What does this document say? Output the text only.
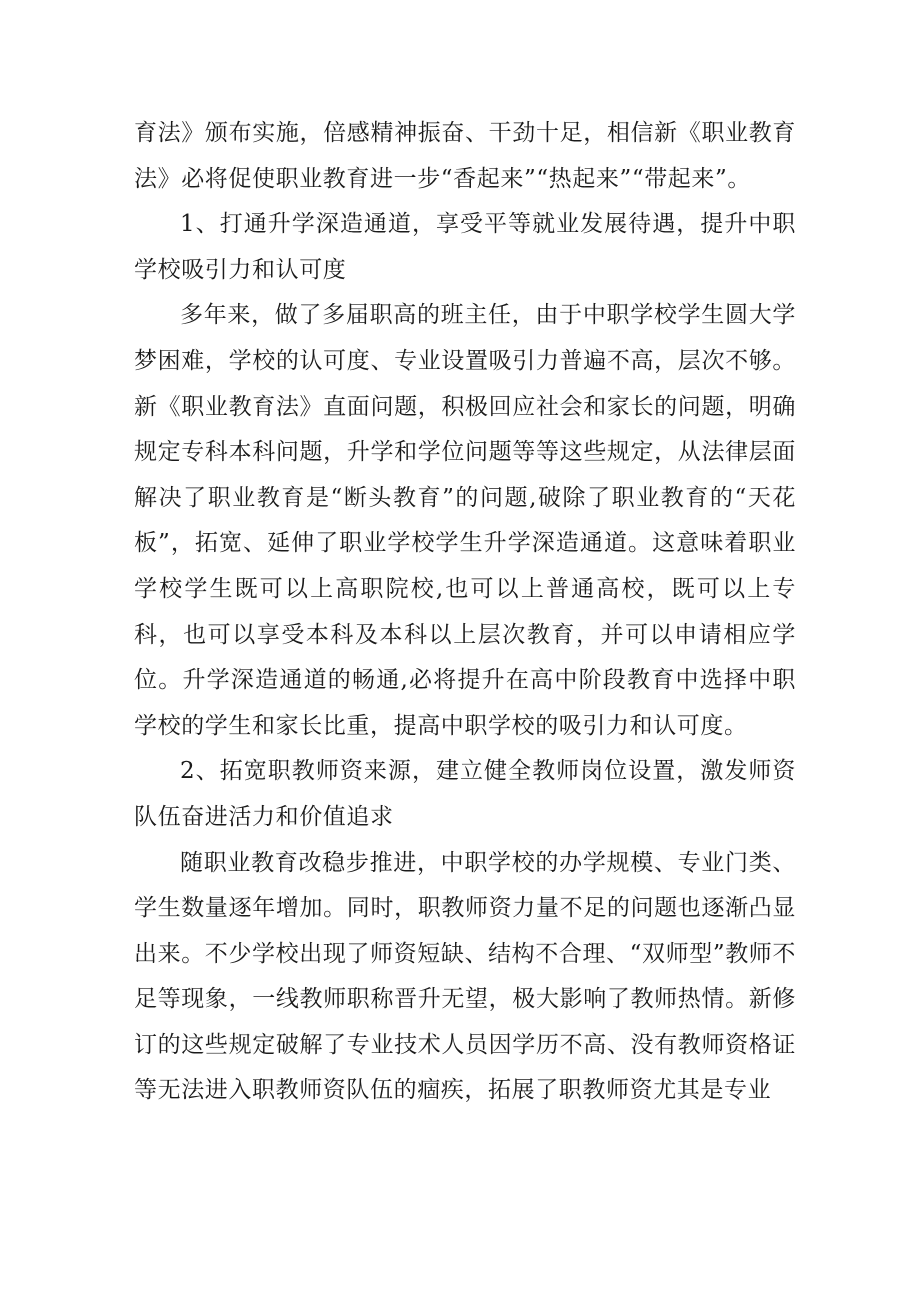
育法》颁布实施，倍感精神振奋、干劲十足，相信新《职业教育法》必将促使职业教育进一步“香起来”“热起来”“带起来”。

1、打通升学深造通道，享受平等就业发展待遇，提升中职学校吸引力和认可度

多年来，做了多届职高的班主任，由于中职学校学生圆大学梦困难，学校的认可度、专业设置吸引力普遍不高，层次不够。新《职业教育法》直面问题，积极回应社会和家长的问题，明确规定专科本科问题，升学和学位问题等等这些规定，从法律层面解决了职业教育是“断头教育”的问题,破除了职业教育的“天花板”，拓宽、延伸了职业学校学生升学深造通道。这意味着职业学校学生既可以上高职院校,也可以上普通高校，既可以上专科，也可以享受本科及本科以上层次教育，并可以申请相应学位。升学深造通道的畅通,必将提升在高中阶段教育中选择中职学校的学生和家长比重，提高中职学校的吸引力和认可度。

2、拓宽职教师资来源，建立健全教师岗位设置，激发师资队伍奋进活力和价值追求

随职业教育改稳步推进，中职学校的办学规模、专业门类、学生数量逐年增加。同时，职教师资力量不足的问题也逐渐凸显出来。不少学校出现了师资短缺、结构不合理、“双师型”教师不足等现象，一线教师职称晋升无望，极大影响了教师热情。新修订的这些规定破解了专业技术人员因学历不高、没有教师资格证等无法进入职教师资队伍的痼疾，拓展了职教师资尤其是专业
